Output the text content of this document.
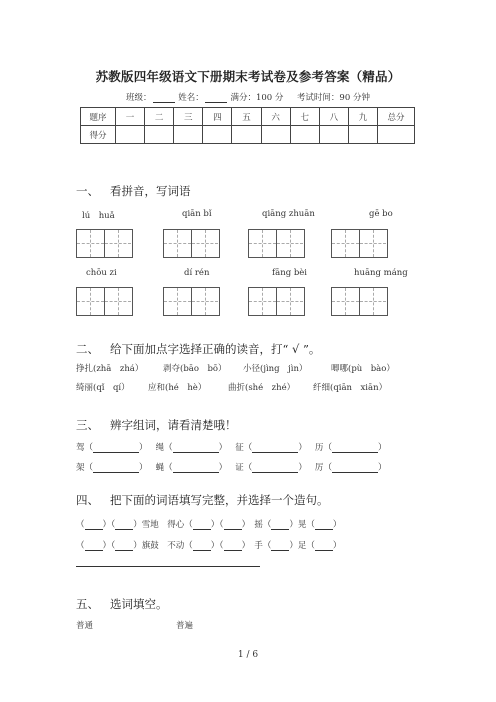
苏教版四年级语文下册期末考试卷及参考答案（精品）
班级：	姓名：	满分：100 分 考试时间：90 分钟
题序	一	二	三	四	五	六	七	八	九	总分
得分										
一、 看拼音，写词语
lú　huǎ	qiān bǐ	qiāng zhuān	gē bo
chōu zi	dí rén	fāng bèi	huāng máng
二、 给下面加点字选择正确的读音，打“ √ ”。
挣扎(zhā　zhá） 剥夺(bāo　bō） 小径(jìng　jìn）	唧哪(pù　bào）
绮丽(qǐ　qí） 应和(hé　hè）	曲折(shé　zhé） 纤细(qiān　xiān）
三、 辨字组词，请看清楚哦！
驾（	）   绳（	）   征（	）   历（	）
架（	）   蝇（	）   证（	）   厉（	）
四、 把下面的词语填写完整，并选择一个造句。
（ ）（ ）雪地　得心（ ）（ ）　摇（ ）晃（ ）
（ ）（ ）旗鼓　不动（ ）（ ）　手（ ）足（ ）
五、 选词填空。
普通	普遍
1 / 6
